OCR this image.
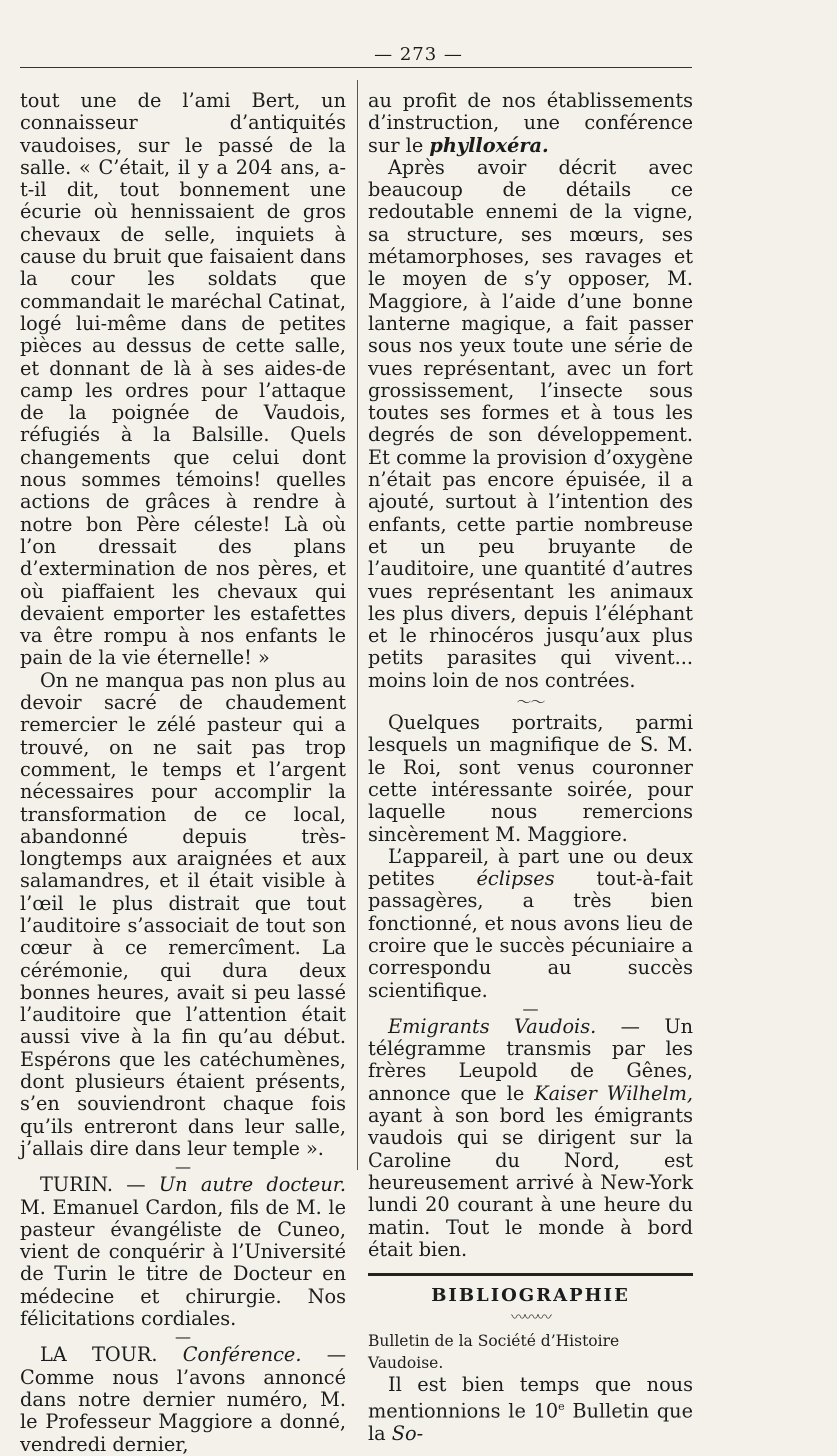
— 273 —

tout une de l’ami Bert, un connaisseur d’antiquités vaudoises, sur le passé de la salle. « C’était, il y a 204 ans, a-t-il dit, tout bonnement une écurie où hennissaient de gros chevaux de selle, inquiets à cause du bruit que faisaient dans la cour les soldats que commandait le maréchal Catinat, logé lui-même dans de petites pièces au dessus de cette salle, et donnant de là à ses aides-de camp les ordres pour l’attaque de la poignée de Vaudois, réfugiés à la Balsille. Quels changements que celui dont nous sommes témoins! quelles actions de grâces à rendre à notre bon Père céleste! Là où l’on dressait des plans d’extermination de nos pères, et où piaffaient les chevaux qui devaient emporter les estafettes va être rompu à nos enfants le pain de la vie éternelle! »

On ne manqua pas non plus au devoir sacré de chaudement remercier le zélé pasteur qui a trouvé, on ne sait pas trop comment, le temps et l’argent nécessaires pour accomplir la transformation de ce local, abandonné depuis très-longtemps aux araignées et aux salamandres, et il était visible à l’œil le plus distrait que tout l’auditoire s’associait de tout son cœur à ce remercîment. La cérémonie, qui dura deux bonnes heures, avait si peu lassé l’auditoire que l’attention était aussi vive à la fin qu’au début. Espérons que les catéchumènes, dont plusieurs étaient présents, s’en souviendront chaque fois qu’ils entreront dans leur salle, j’allais dire dans leur temple ».

—

TURIN. — Un autre docteur. M. Emanuel Cardon, fils de M. le pasteur évangéliste de Cuneo, vient de conquérir à l’Université de Turin le titre de Docteur en médecine et chirurgie. Nos félicitations cordiales.

—

LA TOUR. Conférence. — Comme nous l’avons annoncé dans notre dernier numéro, M. le Professeur Maggiore a donné, vendredi dernier,

au profit de nos établissements d’instruction, une conférence sur le phylloxéra.

Après avoir décrit avec beaucoup de détails ce redoutable ennemi de la vigne, sa structure, ses mœurs, ses métamorphoses, ses ravages et le moyen de s’y opposer, M. Maggiore, à l’aide d’une bonne lanterne magique, a fait passer sous nos yeux toute une série de vues représentant, avec un fort grossissement, l’insecte sous toutes ses formes et à tous les degrés de son développement. Et comme la provision d’oxygène n’était pas encore épuisée, il a ajouté, surtout à l’intention des enfants, cette partie nombreuse et un peu bruyante de l’auditoire, une quantité d’autres vues représentant les animaux les plus divers, depuis l’éléphant et le rhinocéros jusqu’aux plus petits parasites qui vivent... moins loin de nos contrées.

〜〜

Quelques portraits, parmi lesquels un magnifique de S. M. le Roi, sont venus couronner cette intéressante soirée, pour laquelle nous remercions sincèrement M. Maggiore.

L’appareil, à part une ou deux petites éclipses tout-à-fait passagères, a très bien fonctionné, et nous avons lieu de croire que le succès pécuniaire a correspondu au succès scientifique.

—

Emigrants Vaudois. — Un télégramme transmis par les frères Leupold de Gênes, annonce que le Kaiser Wilhelm, ayant à son bord les émigrants vaudois qui se dirigent sur la Caroline du Nord, est heureusement arrivé à New-York lundi 20 courant à une heure du matin. Tout le monde à bord était bien.

BIBLIOGRAPHIE
〰〰〰

Bulletin de la Société d’Histoire Vaudoise.

Il est bien temps que nous mentionnions le 10e Bulletin que la So-
